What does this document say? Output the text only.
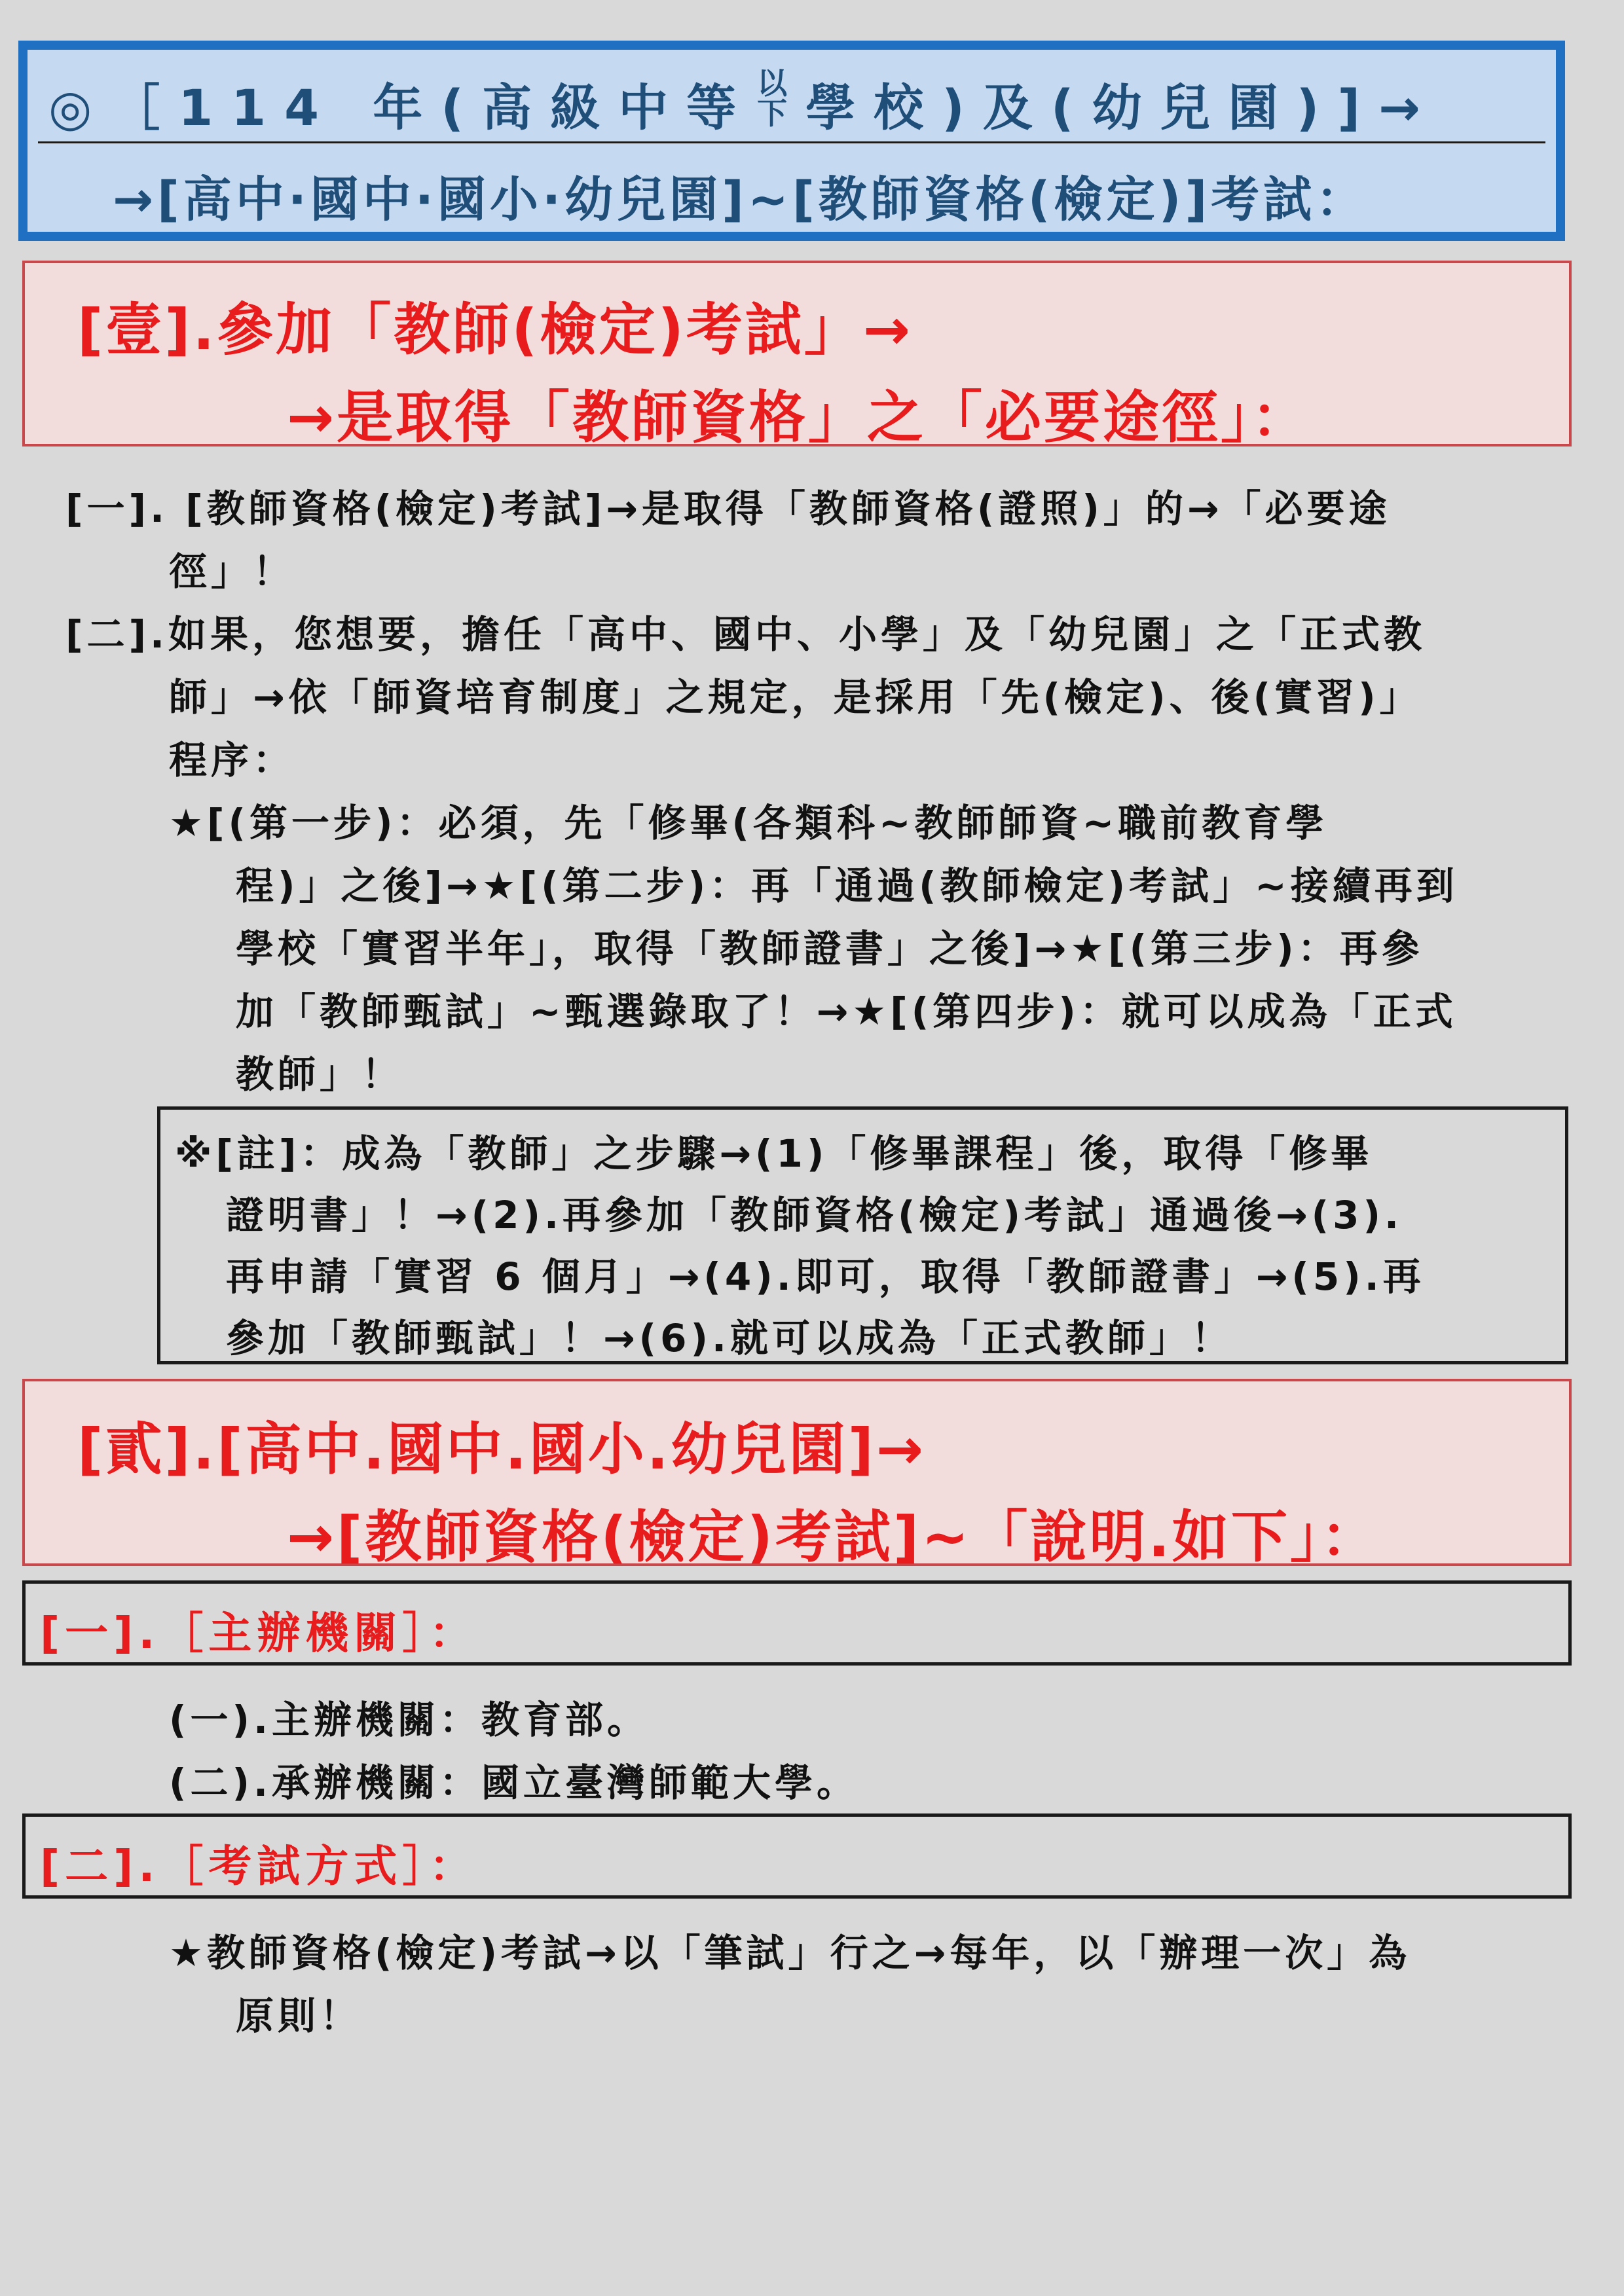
◎［114 年(高級中等以
下 學校)及(幼兒園)]→
→[高中·國中·國小·幼兒園]~[教師資格(檢定)]考試：
[壹].參加「教師(檢定)考試」→
→是取得「教師資格」之「必要途徑」：
[一]. [教師資格(檢定)考試]→是取得「教師資格(證照)」的→「必要途
徑」！
[二].如果，您想要，擔任「高中、國中、小學」及「幼兒園」之「正式教
師」→依「師資培育制度」之規定，是採用「先(檢定)、後(實習)」
程序：
★[(第一步)：必須，先「修畢(各類科~教師師資~職前教育學
程)」之後]→★[(第二步)：再「通過(教師檢定)考試」~接續再到
學校「實習半年」，取得「教師證書」之後]→★[(第三步)：再參
加「教師甄試」~甄選錄取了！→★[(第四步)：就可以成為「正式
教師」！
※[註]：成為「教師」之步驟→(1)「修畢課程」後，取得「修畢
證明書」！→(2).再參加「教師資格(檢定)考試」通過後→(3).
再申請「實習 6 個月」→(4).即可，取得「教師證書」→(5).再
參加「教師甄試」！→(6).就可以成為「正式教師」！
[貳].[高中.國中.國小.幼兒園]→
→[教師資格(檢定)考試]~「說明.如下」：
[一].［主辦機關］：
(一).主辦機關：教育部。
(二).承辦機關：國立臺灣師範大學。
[二].［考試方式］：
★教師資格(檢定)考試→以「筆試」行之→每年，以「辦理一次」為
原則！
